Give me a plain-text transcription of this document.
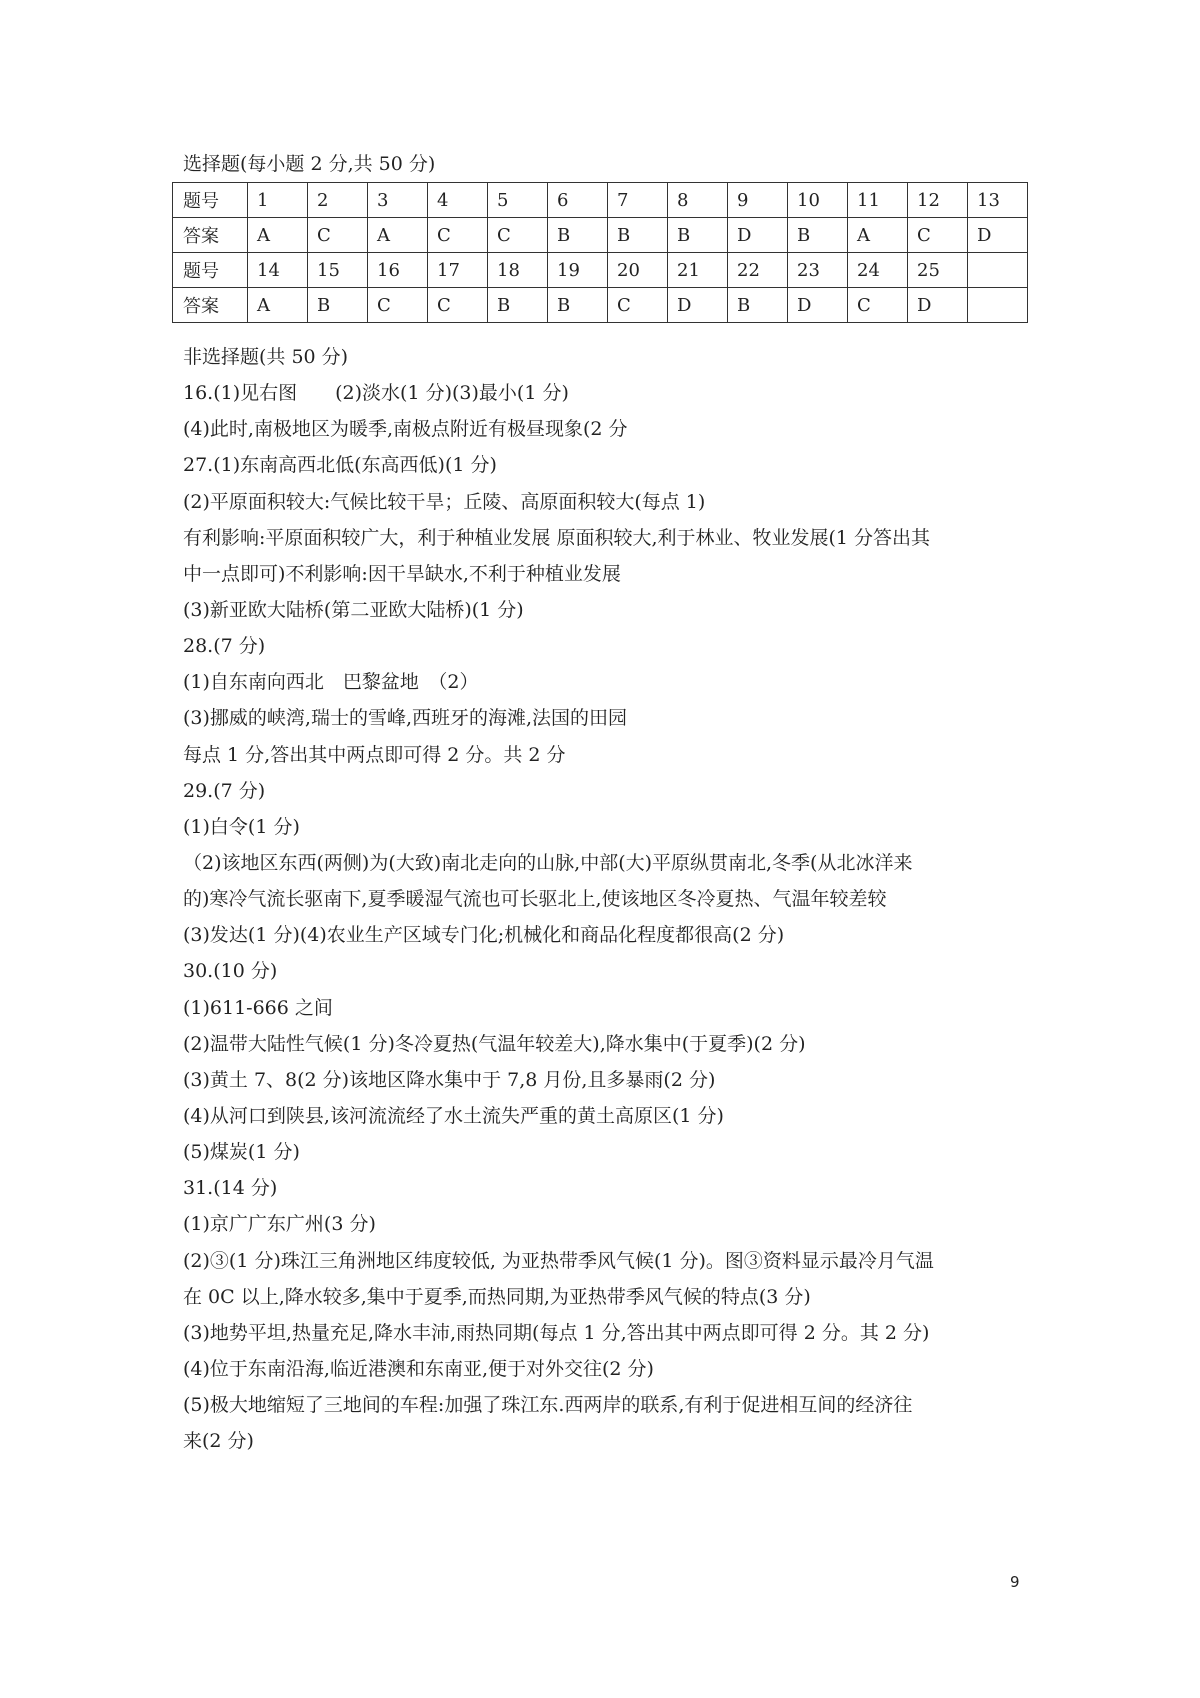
选择题(每小题 2 分,共 50 分)
题号	1	2	3	4	5	6	7	8	9	10	11	12	13
答案	A	C	A	C	C	B	B	B	D	B	A	C	D
题号	14	15	16	17	18	19	20	21	22	23	24	25	
答案	A	B	C	C	B	B	C	D	B	D	C	D	
非选择题(共 50 分)
16.(1)见右图　　(2)淡水(1 分)(3)最小(1 分)
(4)此时,南极地区为暖季,南极点附近有极昼现象(2 分
27.(1)东南高西北低(东高西低)(1 分)
(2)平原面积较大:气候比较干旱；丘陵、高原面积较大(每点 1)
有利影响:平原面积较广大，利于种植业发展 原面积较大,利于林业、牧业发展(1 分答出其
中一点即可)不利影响:因干旱缺水,不利于种植业发展
(3)新亚欧大陆桥(第二亚欧大陆桥)(1 分)
28.(7 分)
(1)自东南向西北　巴黎盆地　（2）
(3)挪威的峡湾,瑞士的雪峰,西班牙的海滩,法国的田园
每点 1 分,答出其中两点即可得 2 分。共 2 分
29.(7 分)
(1)白令(1 分)
（2)该地区东西(两侧)为(大致)南北走向的山脉,中部(大)平原纵贯南北,冬季(从北冰洋来
的)寒冷气流长驱南下,夏季暖湿气流也可长驱北上,使该地区冬冷夏热、气温年较差较
(3)发达(1 分)(4)农业生产区域专门化;机械化和商品化程度都很高(2 分)
30.(10 分)
(1)611-666 之间
(2)温带大陆性气候(1 分)冬冷夏热(气温年较差大),降水集中(于夏季)(2 分)
(3)黄土 7、8(2 分)该地区降水集中于 7,8 月份,且多暴雨(2 分)
(4)从河口到陕县,该河流流经了水土流失严重的黄土高原区(1 分)
(5)煤炭(1 分)
31.(14 分)
(1)京广广东广州(3 分)
(2)③(1 分)珠江三角洲地区纬度较低, 为亚热带季风气候(1 分)。图③资料显示最冷月气温
在 0C 以上,降水较多,集中于夏季,而热同期,为亚热带季风气候的特点(3 分)
(3)地势平坦,热量充足,降水丰沛,雨热同期(每点 1 分,答出其中两点即可得 2 分。其 2 分)
(4)位于东南沿海,临近港澳和东南亚,便于对外交往(2 分)
(5)极大地缩短了三地间的车程:加强了珠江东.西两岸的联系,有利于促进相互间的经济往
来(2 分)
9
